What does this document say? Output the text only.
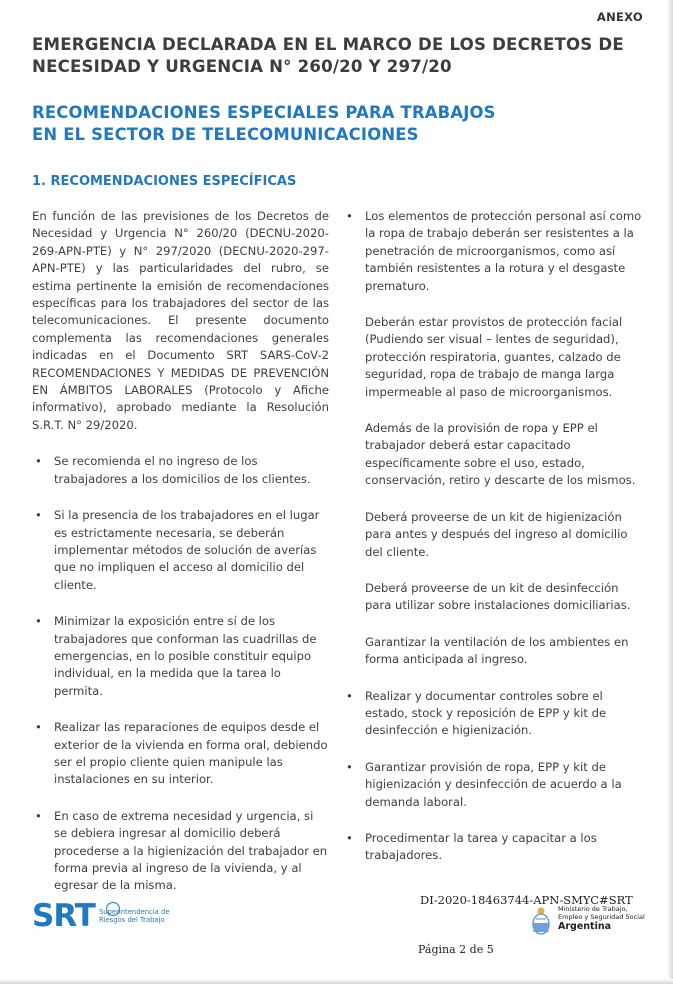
ANEXO
EMERGENCIA DECLARADA EN EL MARCO DE LOS DECRETOS DE
NECESIDAD Y URGENCIA N° 260/20 Y 297/20
RECOMENDACIONES ESPECIALES PARA TRABAJOS
EN EL SECTOR DE TELECOMUNICACIONES
1. RECOMENDACIONES ESPECÍFICAS

En función de las previsiones de los Decretos de Necesidad y Urgencia N° 260/20 (DECNU-2020-269-APN-PTE) y N° 297/2020 (DECNU-2020-297-APN-PTE) y las particularidades del rubro, se estima pertinente la emisión de recomendaciones específicas para los trabajadores del sector de las telecomunicaciones. El presente documento complementa las recomendaciones generales indicadas en el Documento SRT SARS-CoV-2 RECOMENDACIONES Y MEDIDAS DE PREVENCIÓN EN ÁMBITOS LABORALES (Protocolo y Afiche informativo), aprobado mediante la Resolución S.R.T. N° 29/2020.

• Se recomienda el no ingreso de los trabajadores a los domicilios de los clientes.
• Si la presencia de los trabajadores en el lugar es estrictamente necesaria, se deberán implementar métodos de solución de averías que no impliquen el acceso al domicilio del cliente.
• Minimizar la exposición entre sí de los trabajadores que conforman las cuadrillas de emergencias, en lo posible constituir equipo individual, en la medida que la tarea lo permita.
• Realizar las reparaciones de equipos desde el exterior de la vivienda en forma oral, debiendo ser el propio cliente quien manipule las instalaciones en su interior.
• En caso de extrema necesidad y urgencia, si se debiera ingresar al domicilio deberá procederse a la higienización del trabajador en forma previa al ingreso de la vivienda, y al egresar de la misma.
• Los elementos de protección personal así como la ropa de trabajo deberán ser resistentes a la penetración de microorganismos, como así también resistentes a la rotura y el desgaste prematuro.

Deberán estar provistos de protección facial (Pudiendo ser visual – lentes de seguridad), protección respiratoria, guantes, calzado de seguridad, ropa de trabajo de manga larga impermeable al paso de microorganismos.

Además de la provisión de ropa y EPP el trabajador deberá estar capacitado específicamente sobre el uso, estado, conservación, retiro y descarte de los mismos.

Deberá proveerse de un kit de higienización para antes y después del ingreso al domicilio del cliente.

Deberá proveerse de un kit de desinfección para utilizar sobre instalaciones domiciliarias.

Garantizar la ventilación de los ambientes en forma anticipada al ingreso.

• Realizar y documentar controles sobre el estado, stock y reposición de EPP y kit de desinfección e higienización.
• Garantizar provisión de ropa, EPP y kit de higienización y desinfección de acuerdo a la demanda laboral.
• Procedimentar la tarea y capacitar a los trabajadores.
SRT Superintendencia de
Riesgos del Trabajo
DI-2020-18463744-APN-SMYC#SRT
Ministerio de Trabajo,
Empleo y Seguridad Social
Argentina
Página 2 de 5
